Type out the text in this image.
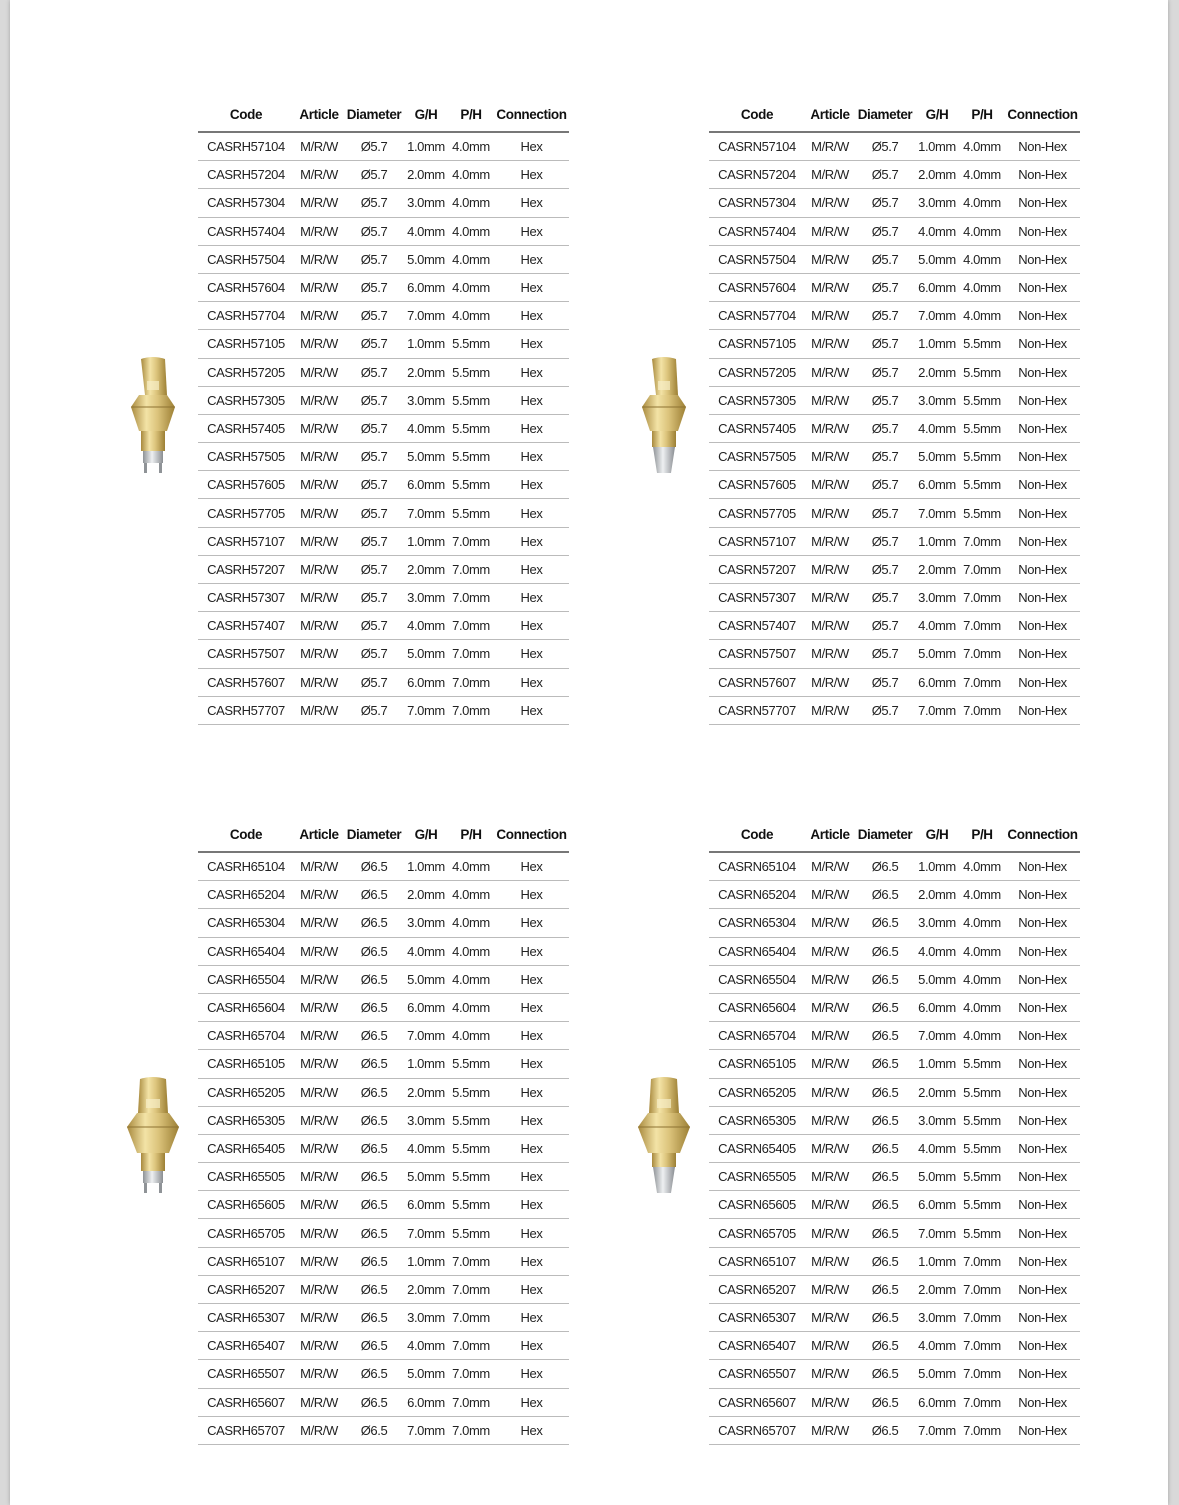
Code	Article	Diameter	G/H	P/H	Connection
CASRH57104	M/R/W	Ø5.7	1.0mm	4.0mm	Hex
CASRH57204	M/R/W	Ø5.7	2.0mm	4.0mm	Hex
CASRH57304	M/R/W	Ø5.7	3.0mm	4.0mm	Hex
CASRH57404	M/R/W	Ø5.7	4.0mm	4.0mm	Hex
CASRH57504	M/R/W	Ø5.7	5.0mm	4.0mm	Hex
CASRH57604	M/R/W	Ø5.7	6.0mm	4.0mm	Hex
CASRH57704	M/R/W	Ø5.7	7.0mm	4.0mm	Hex
CASRH57105	M/R/W	Ø5.7	1.0mm	5.5mm	Hex
CASRH57205	M/R/W	Ø5.7	2.0mm	5.5mm	Hex
CASRH57305	M/R/W	Ø5.7	3.0mm	5.5mm	Hex
CASRH57405	M/R/W	Ø5.7	4.0mm	5.5mm	Hex
CASRH57505	M/R/W	Ø5.7	5.0mm	5.5mm	Hex
CASRH57605	M/R/W	Ø5.7	6.0mm	5.5mm	Hex
CASRH57705	M/R/W	Ø5.7	7.0mm	5.5mm	Hex
CASRH57107	M/R/W	Ø5.7	1.0mm	7.0mm	Hex
CASRH57207	M/R/W	Ø5.7	2.0mm	7.0mm	Hex
CASRH57307	M/R/W	Ø5.7	3.0mm	7.0mm	Hex
CASRH57407	M/R/W	Ø5.7	4.0mm	7.0mm	Hex
CASRH57507	M/R/W	Ø5.7	5.0mm	7.0mm	Hex
CASRH57607	M/R/W	Ø5.7	6.0mm	7.0mm	Hex
CASRH57707	M/R/W	Ø5.7	7.0mm	7.0mm	Hex
Code	Article	Diameter	G/H	P/H	Connection
CASRN57104	M/R/W	Ø5.7	1.0mm	4.0mm	Non-Hex
CASRN57204	M/R/W	Ø5.7	2.0mm	4.0mm	Non-Hex
CASRN57304	M/R/W	Ø5.7	3.0mm	4.0mm	Non-Hex
CASRN57404	M/R/W	Ø5.7	4.0mm	4.0mm	Non-Hex
CASRN57504	M/R/W	Ø5.7	5.0mm	4.0mm	Non-Hex
CASRN57604	M/R/W	Ø5.7	6.0mm	4.0mm	Non-Hex
CASRN57704	M/R/W	Ø5.7	7.0mm	4.0mm	Non-Hex
CASRN57105	M/R/W	Ø5.7	1.0mm	5.5mm	Non-Hex
CASRN57205	M/R/W	Ø5.7	2.0mm	5.5mm	Non-Hex
CASRN57305	M/R/W	Ø5.7	3.0mm	5.5mm	Non-Hex
CASRN57405	M/R/W	Ø5.7	4.0mm	5.5mm	Non-Hex
CASRN57505	M/R/W	Ø5.7	5.0mm	5.5mm	Non-Hex
CASRN57605	M/R/W	Ø5.7	6.0mm	5.5mm	Non-Hex
CASRN57705	M/R/W	Ø5.7	7.0mm	5.5mm	Non-Hex
CASRN57107	M/R/W	Ø5.7	1.0mm	7.0mm	Non-Hex
CASRN57207	M/R/W	Ø5.7	2.0mm	7.0mm	Non-Hex
CASRN57307	M/R/W	Ø5.7	3.0mm	7.0mm	Non-Hex
CASRN57407	M/R/W	Ø5.7	4.0mm	7.0mm	Non-Hex
CASRN57507	M/R/W	Ø5.7	5.0mm	7.0mm	Non-Hex
CASRN57607	M/R/W	Ø5.7	6.0mm	7.0mm	Non-Hex
CASRN57707	M/R/W	Ø5.7	7.0mm	7.0mm	Non-Hex
Code	Article	Diameter	G/H	P/H	Connection
CASRH65104	M/R/W	Ø6.5	1.0mm	4.0mm	Hex
CASRH65204	M/R/W	Ø6.5	2.0mm	4.0mm	Hex
CASRH65304	M/R/W	Ø6.5	3.0mm	4.0mm	Hex
CASRH65404	M/R/W	Ø6.5	4.0mm	4.0mm	Hex
CASRH65504	M/R/W	Ø6.5	5.0mm	4.0mm	Hex
CASRH65604	M/R/W	Ø6.5	6.0mm	4.0mm	Hex
CASRH65704	M/R/W	Ø6.5	7.0mm	4.0mm	Hex
CASRH65105	M/R/W	Ø6.5	1.0mm	5.5mm	Hex
CASRH65205	M/R/W	Ø6.5	2.0mm	5.5mm	Hex
CASRH65305	M/R/W	Ø6.5	3.0mm	5.5mm	Hex
CASRH65405	M/R/W	Ø6.5	4.0mm	5.5mm	Hex
CASRH65505	M/R/W	Ø6.5	5.0mm	5.5mm	Hex
CASRH65605	M/R/W	Ø6.5	6.0mm	5.5mm	Hex
CASRH65705	M/R/W	Ø6.5	7.0mm	5.5mm	Hex
CASRH65107	M/R/W	Ø6.5	1.0mm	7.0mm	Hex
CASRH65207	M/R/W	Ø6.5	2.0mm	7.0mm	Hex
CASRH65307	M/R/W	Ø6.5	3.0mm	7.0mm	Hex
CASRH65407	M/R/W	Ø6.5	4.0mm	7.0mm	Hex
CASRH65507	M/R/W	Ø6.5	5.0mm	7.0mm	Hex
CASRH65607	M/R/W	Ø6.5	6.0mm	7.0mm	Hex
CASRH65707	M/R/W	Ø6.5	7.0mm	7.0mm	Hex
Code	Article	Diameter	G/H	P/H	Connection
CASRN65104	M/R/W	Ø6.5	1.0mm	4.0mm	Non-Hex
CASRN65204	M/R/W	Ø6.5	2.0mm	4.0mm	Non-Hex
CASRN65304	M/R/W	Ø6.5	3.0mm	4.0mm	Non-Hex
CASRN65404	M/R/W	Ø6.5	4.0mm	4.0mm	Non-Hex
CASRN65504	M/R/W	Ø6.5	5.0mm	4.0mm	Non-Hex
CASRN65604	M/R/W	Ø6.5	6.0mm	4.0mm	Non-Hex
CASRN65704	M/R/W	Ø6.5	7.0mm	4.0mm	Non-Hex
CASRN65105	M/R/W	Ø6.5	1.0mm	5.5mm	Non-Hex
CASRN65205	M/R/W	Ø6.5	2.0mm	5.5mm	Non-Hex
CASRN65305	M/R/W	Ø6.5	3.0mm	5.5mm	Non-Hex
CASRN65405	M/R/W	Ø6.5	4.0mm	5.5mm	Non-Hex
CASRN65505	M/R/W	Ø6.5	5.0mm	5.5mm	Non-Hex
CASRN65605	M/R/W	Ø6.5	6.0mm	5.5mm	Non-Hex
CASRN65705	M/R/W	Ø6.5	7.0mm	5.5mm	Non-Hex
CASRN65107	M/R/W	Ø6.5	1.0mm	7.0mm	Non-Hex
CASRN65207	M/R/W	Ø6.5	2.0mm	7.0mm	Non-Hex
CASRN65307	M/R/W	Ø6.5	3.0mm	7.0mm	Non-Hex
CASRN65407	M/R/W	Ø6.5	4.0mm	7.0mm	Non-Hex
CASRN65507	M/R/W	Ø6.5	5.0mm	7.0mm	Non-Hex
CASRN65607	M/R/W	Ø6.5	6.0mm	7.0mm	Non-Hex
CASRN65707	M/R/W	Ø6.5	7.0mm	7.0mm	Non-Hex
